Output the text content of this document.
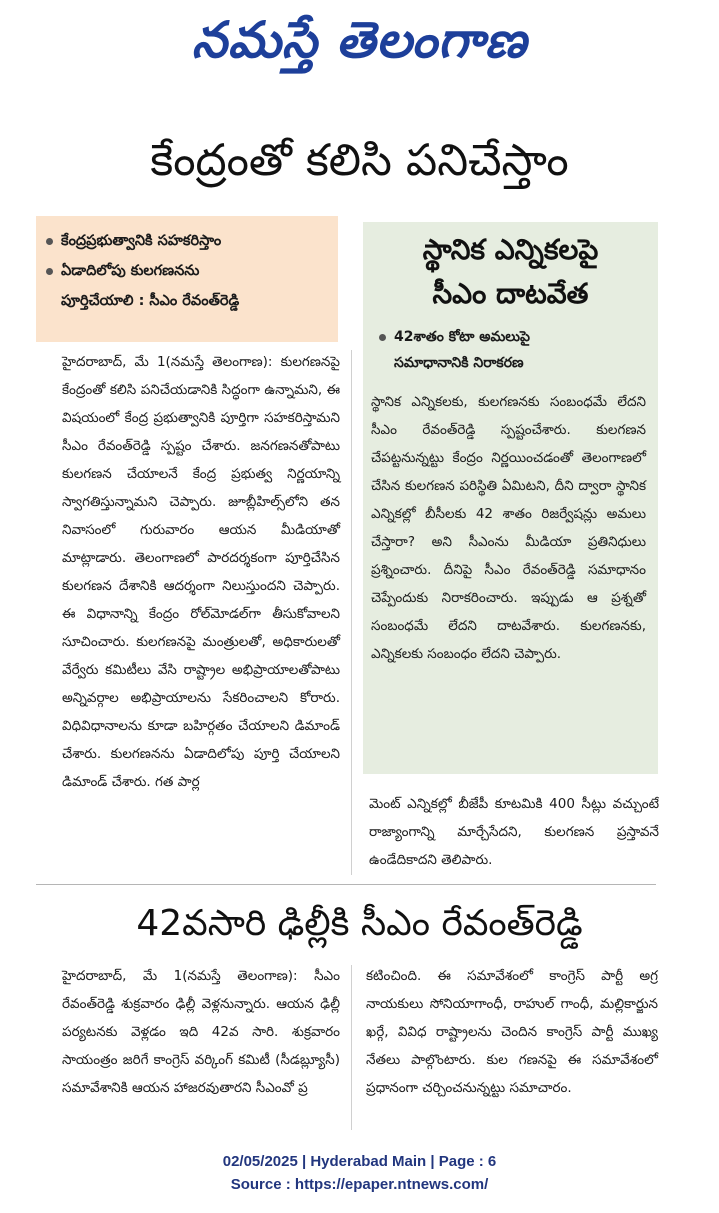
నమస్తే తెలంగాణ
కేంద్రంతో కలిసి పనిచేస్తాం
కేంద్రప్రభుత్వానికి సహకరిస్తాం
ఏడాదిలోపు కులగణనను
పూర్తిచేయాలి : సీఎం రేవంత్‌రెడ్డి
హైదరాబాద్, మే 1(నమస్తే తెలంగాణ): కులగణనపై కేంద్రంతో కలిసి పనిచేయడానికి సిద్ధంగా ఉన్నామని, ఈ విషయంలో కేంద్ర ప్రభుత్వానికి పూర్తిగా సహకరిస్తామని సీఎం రేవంత్‌రెడ్డి స్పష్టం చేశారు. జనగణనతోపాటు కులగణన చేయాలనే కేంద్ర ప్రభుత్వ నిర్ణయాన్ని స్వాగతిస్తున్నామని చెప్పారు. జూబ్లీహిల్స్‌లోని తన నివాసంలో గురువారం ఆయన మీడియాతో మాట్లాడారు. తెలంగాణలో పారదర్శకంగా పూర్తిచేసిన కులగణన దేశానికి ఆదర్శంగా నిలుస్తుందని చెప్పారు. ఈ విధానాన్ని కేంద్రం రోల్‌మోడల్‌గా తీసుకోవాలని సూచించారు. కులగణనపై మంత్రులతో, అధికారులతో వేర్వేరు కమిటీలు వేసి రాష్ట్రాల అభిప్రాయాలతోపాటు అన్నివర్గాల అభిప్రాయాలను సేకరించాలని కోరారు. విధివిధానాలను కూడా బహిర్గతం చేయాలని డిమాండ్ చేశారు. కులగణనను ఏడాదిలోపు పూర్తి చేయాలని డిమాండ్ చేశారు. గత పార్ల
స్థానిక ఎన్నికలపై
సీఎం దాటవేత
42శాతం కోటా అమలుపై
సమాధానానికి నిరాకరణ
స్థానిక ఎన్నికలకు, కులగణనకు సంబంధమే లేదని సీఎం రేవంత్‌రెడ్డి స్పష్టంచేశారు. కులగణన చేపట్టనున్నట్టు కేంద్రం నిర్ణయించడంతో తెలంగాణలో చేసిన కులగణన పరిస్థితి ఏమిటని, దీని ద్వారా స్థానిక ఎన్నికల్లో బీసీలకు 42 శాతం రిజర్వేషన్లు అమలు చేస్తారా? అని సీఎంను మీడియా ప్రతినిధులు ప్రశ్నించారు. దీనిపై సీఎం రేవంత్‌రెడ్డి సమాధానం చెప్పేందుకు నిరాకరించారు. ఇప్పుడు ఆ ప్రశ్నతో సంబంధమే లేదని దాటవేశారు. కులగణనకు, ఎన్నికలకు సంబంధం లేదని చెప్పారు.
మెంట్ ఎన్నికల్లో బీజేపీ కూటమికి 400 సీట్లు వచ్చుంటే రాజ్యాంగాన్ని మార్చేసేదని, కులగణన ప్రస్తావనే ఉండేదికాదని తెలిపారు.
42వసారి ఢిల్లీకి సీఎం రేవంత్‌రెడ్డి
హైదరాబాద్, మే 1(నమస్తే తెలంగాణ): సీఎం రేవంత్‌రెడ్డి శుక్రవారం ఢిల్లీ వెళ్లనున్నారు. ఆయన ఢిల్లీ పర్యటనకు వెళ్లడం ఇది 42వ సారి. శుక్రవారం సాయంత్రం జరిగే కాంగ్రెస్ వర్కింగ్ కమిటీ (సీడబ్ల్యూసీ) సమావేశానికి ఆయన హాజరవుతారని సీఎంవో ప్ర
కటించింది. ఈ సమావేశంలో కాంగ్రెస్ పార్టీ అగ్ర నాయకులు సోనియాగాంధీ, రాహుల్ గాంధీ, మల్లికార్జున ఖర్గే, వివిధ రాష్ట్రాలను చెందిన కాంగ్రెస్ పార్టీ ముఖ్య నేతలు పాల్గొంటారు. కుల గణనపై ఈ సమావేశంలో ప్రధానంగా చర్చించనున్నట్టు సమాచారం.
02/05/2025 | Hyderabad Main | Page : 6
Source : https://epaper.ntnews.com/
